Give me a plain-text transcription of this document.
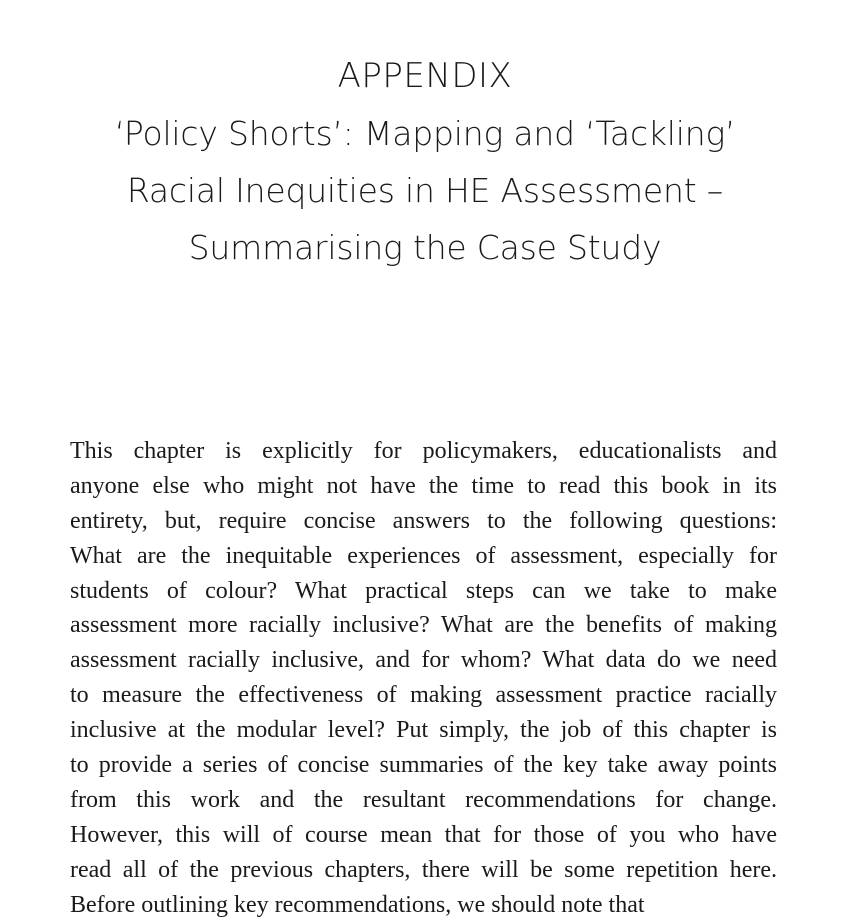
APPENDIX
‘Policy Shorts’: Mapping and ‘Tackling’
Racial Inequities in HE Assessment –
Summarising the Case Study
This chapter is explicitly for policymakers, educationalists and
anyone else who might not have the time to read this book in its
entirety, but, require concise answers to the following questions:
What are the inequitable experiences of assessment, especially for
students of colour? What practical steps can we take to make
assessment more racially inclusive? What are the benefits of making
assessment racially inclusive, and for whom? What data do we need
to measure the effectiveness of making assessment practice racially
inclusive at the modular level? Put simply, the job of this chapter is
to provide a series of concise summaries of the key take away points
from this work and the resultant recommendations for change.
However, this will of course mean that for those of you who have
read all of the previous chapters, there will be some repetition here.
Before outlining key recommendations, we should note that
